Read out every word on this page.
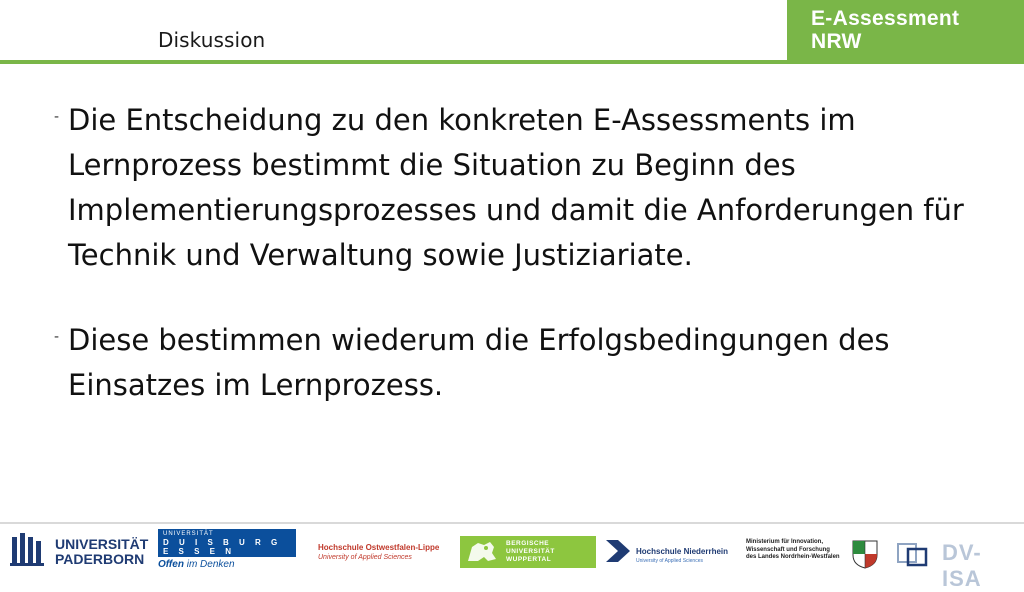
Diskussion
E-Assessment NRW
- Die Entscheidung zu den konkreten E-Assessments im Lernprozess bestimmt die Situation zu Beginn des Implementierungsprozesses und damit die Anforderungen für Technik und Verwaltung sowie Justiziariate.
- Diese bestimmen wiederum die Erfolgsbedingungen des Einsatzes im Lernprozess.
UNIVERSITÄT
PADERBORN
UNIVERSITÄT
D U I S B U R G
E S S E N
Offen im Denken
Hochschule Ostwestfalen-Lippe
University of Applied Sciences
BERGISCHE
UNIVERSITÄT
WUPPERTAL
Hochschule Niederrhein
University of Applied Sciences
Ministerium für Innovation,
Wissenschaft und Forschung
des Landes Nordrhein-Westfalen	DV-ISA
